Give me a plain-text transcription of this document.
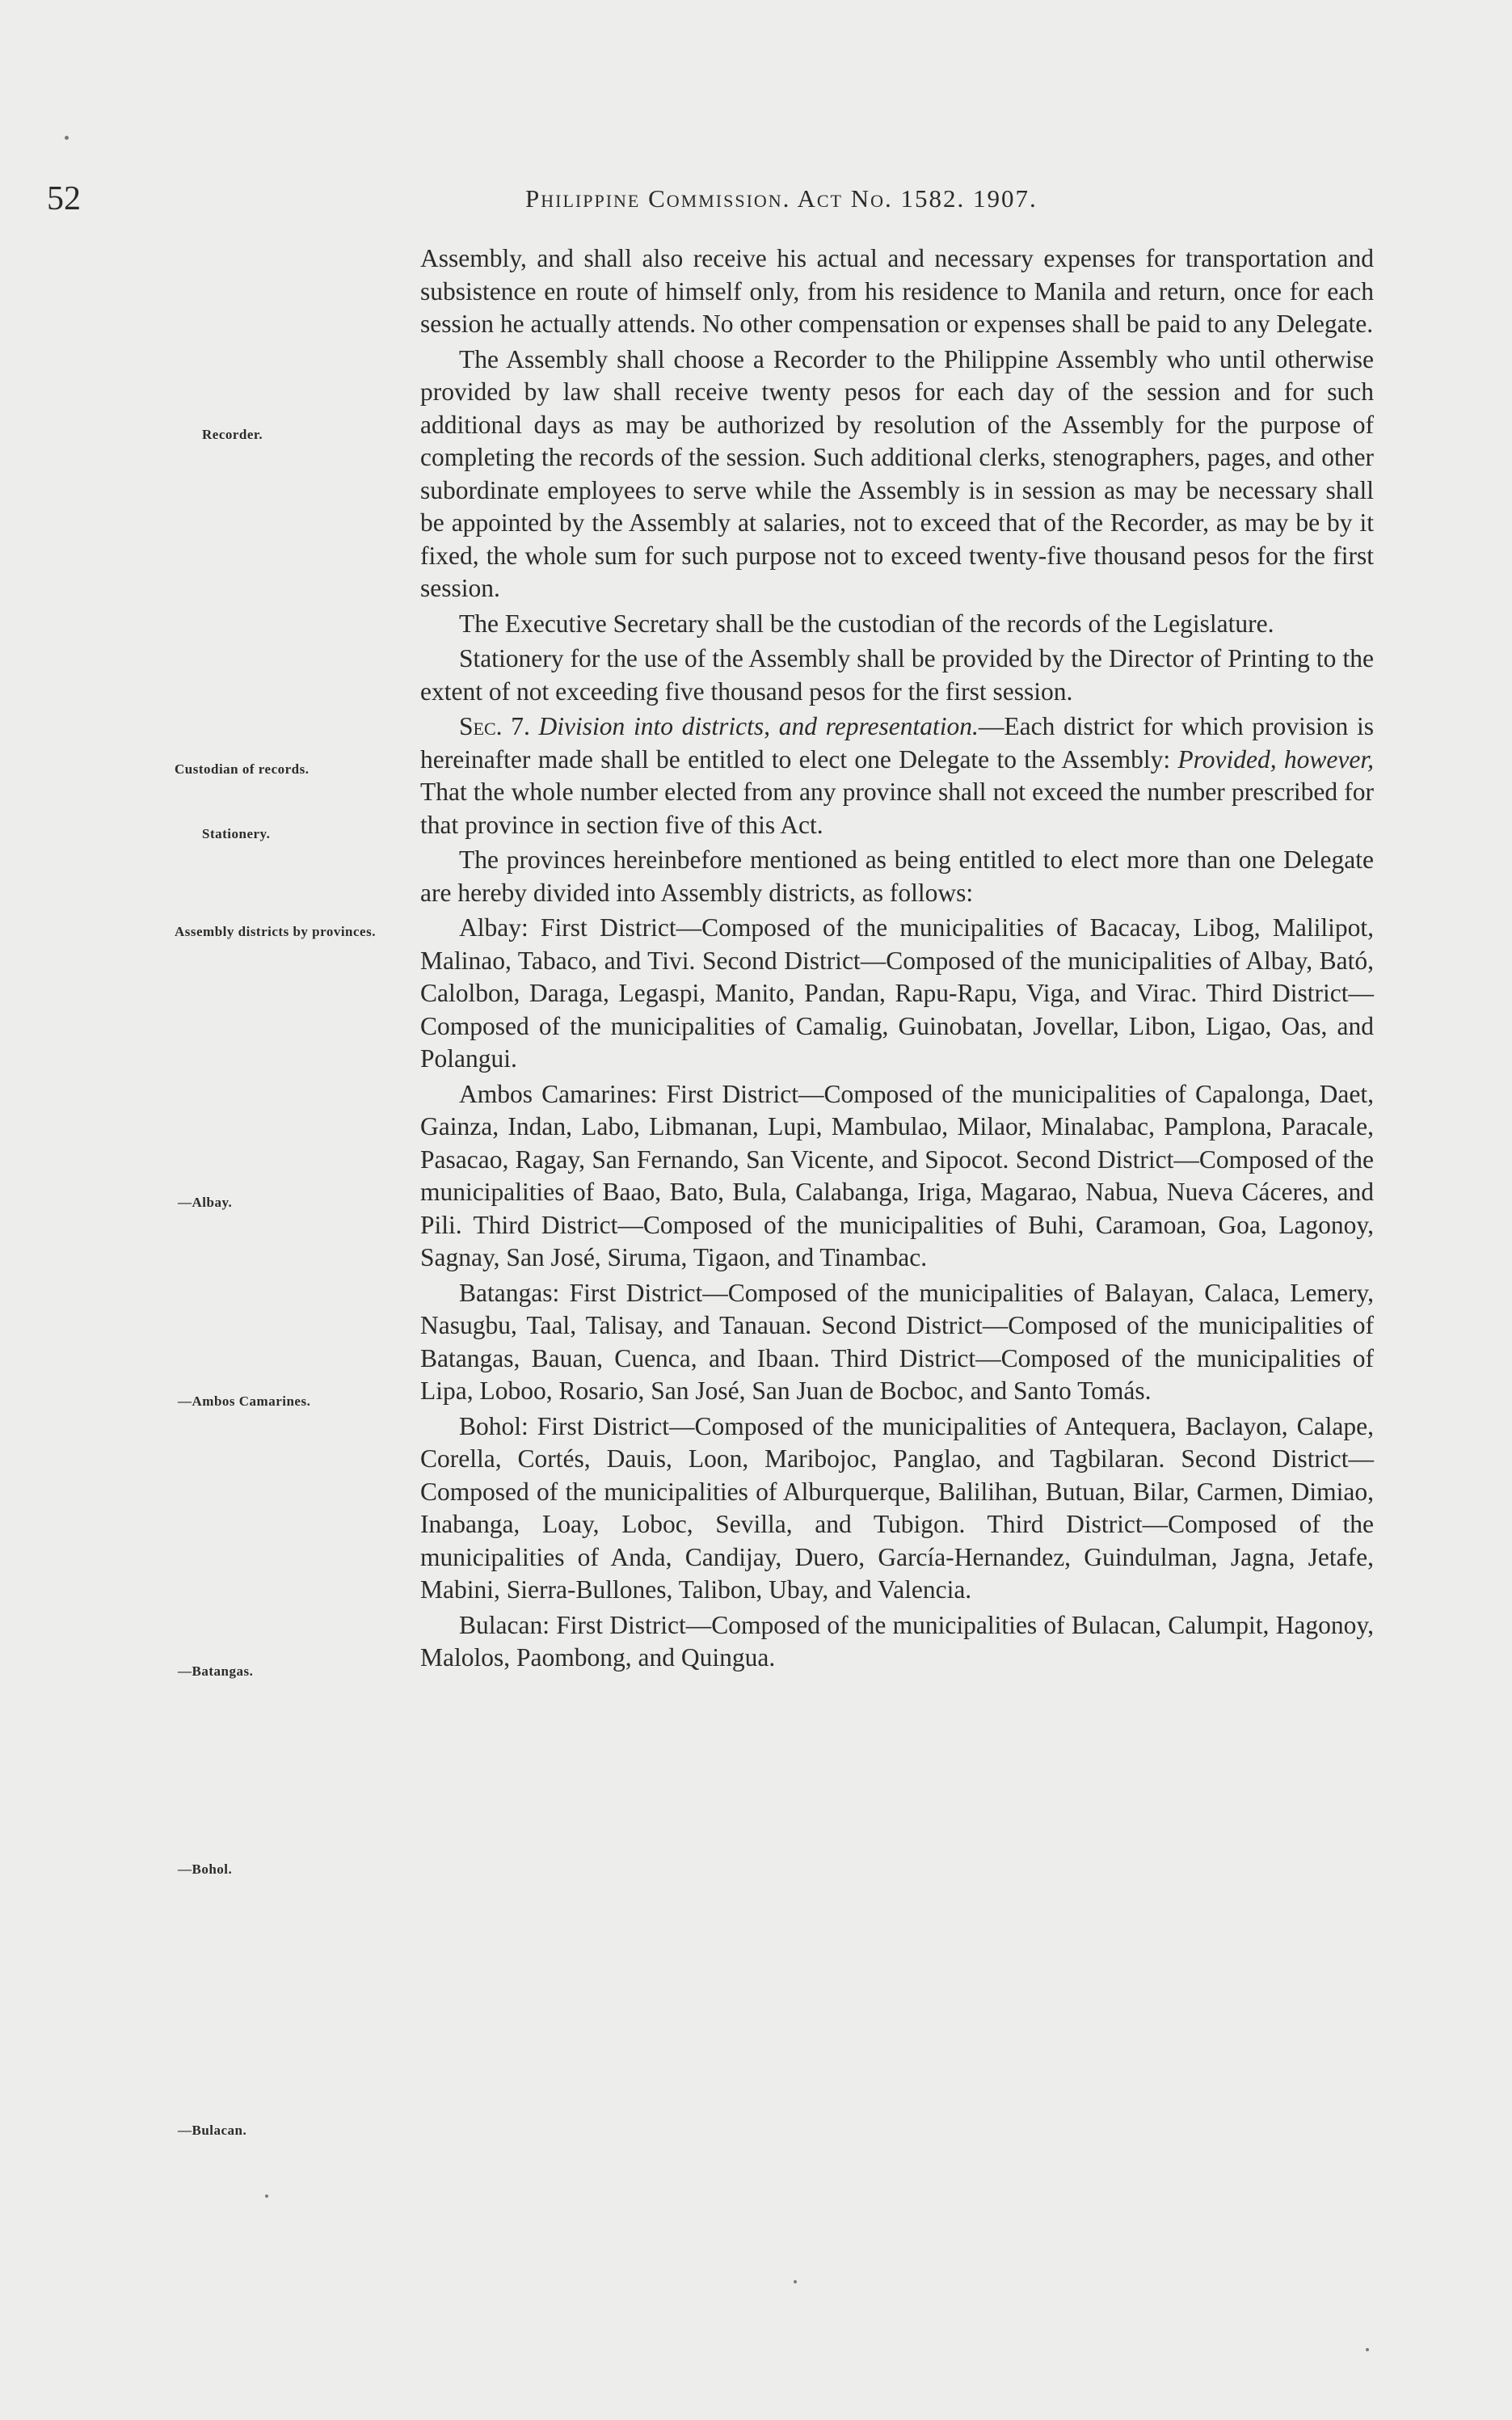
52	Philippine Commission. Act No. 1582. 1907.
Recorder.
Custodian of records.
Stationery.
Assembly districts by provinces.
—Albay.
—Ambos Camarines.
—Batangas.
—Bohol.
—Bulacan.

Assembly, and shall also receive his actual and necessary expenses for transportation and subsistence en route of himself only, from his residence to Manila and return, once for each session he actually attends. No other compensation or expenses shall be paid to any Delegate.

The Assembly shall choose a Recorder to the Philippine Assembly who until otherwise provided by law shall receive twenty pesos for each day of the session and for such additional days as may be authorized by resolution of the Assembly for the purpose of completing the records of the session. Such additional clerks, stenographers, pages, and other subordinate employees to serve while the Assembly is in session as may be necessary shall be appointed by the Assembly at salaries, not to exceed that of the Recorder, as may be by it fixed, the whole sum for such purpose not to exceed twenty-five thousand pesos for the first session.

The Executive Secretary shall be the custodian of the records of the Legislature.

Stationery for the use of the Assembly shall be provided by the Director of Printing to the extent of not exceeding five thousand pesos for the first session.

Sec. 7. Division into districts, and representation.—Each district for which provision is hereinafter made shall be entitled to elect one Delegate to the Assembly: Provided, however, That the whole number elected from any province shall not exceed the number prescribed for that province in section five of this Act.

The provinces hereinbefore mentioned as being entitled to elect more than one Delegate are hereby divided into Assembly districts, as follows:

Albay: First District—Composed of the municipalities of Bacacay, Libog, Malilipot, Malinao, Tabaco, and Tivi. Second District—Composed of the municipalities of Albay, Bató, Calolbon, Daraga, Legaspi, Manito, Pandan, Rapu-Rapu, Viga, and Virac. Third District—Composed of the municipalities of Camalig, Guinobatan, Jovellar, Libon, Ligao, Oas, and Polangui.

Ambos Camarines: First District—Composed of the municipalities of Capalonga, Daet, Gainza, Indan, Labo, Libmanan, Lupi, Mambulao, Milaor, Minalabac, Pamplona, Paracale, Pasacao, Ragay, San Fernando, San Vicente, and Sipocot. Second District—Composed of the municipalities of Baao, Bato, Bula, Calabanga, Iriga, Magarao, Nabua, Nueva Cáceres, and Pili. Third District—Composed of the municipalities of Buhi, Caramoan, Goa, Lagonoy, Sagnay, San José, Siruma, Tigaon, and Tinambac.

Batangas: First District—Composed of the municipalities of Balayan, Calaca, Lemery, Nasugbu, Taal, Talisay, and Tanauan. Second District—Composed of the municipalities of Batangas, Bauan, Cuenca, and Ibaan. Third District—Composed of the municipalities of Lipa, Loboo, Rosario, San José, San Juan de Bocboc, and Santo Tomás.

Bohol: First District—Composed of the municipalities of Antequera, Baclayon, Calape, Corella, Cortés, Dauis, Loon, Maribojoc, Panglao, and Tagbilaran. Second District—Composed of the municipalities of Alburquerque, Balilihan, Butuan, Bilar, Carmen, Dimiao, Inabanga, Loay, Loboc, Sevilla, and Tubigon. Third District—Composed of the municipalities of Anda, Candijay, Duero, García-Hernandez, Guindulman, Jagna, Jetafe, Mabini, Sierra-Bullones, Talibon, Ubay, and Valencia.

Bulacan: First District—Composed of the municipalities of Bulacan, Calumpit, Hagonoy, Malolos, Paombong, and Quingua.
